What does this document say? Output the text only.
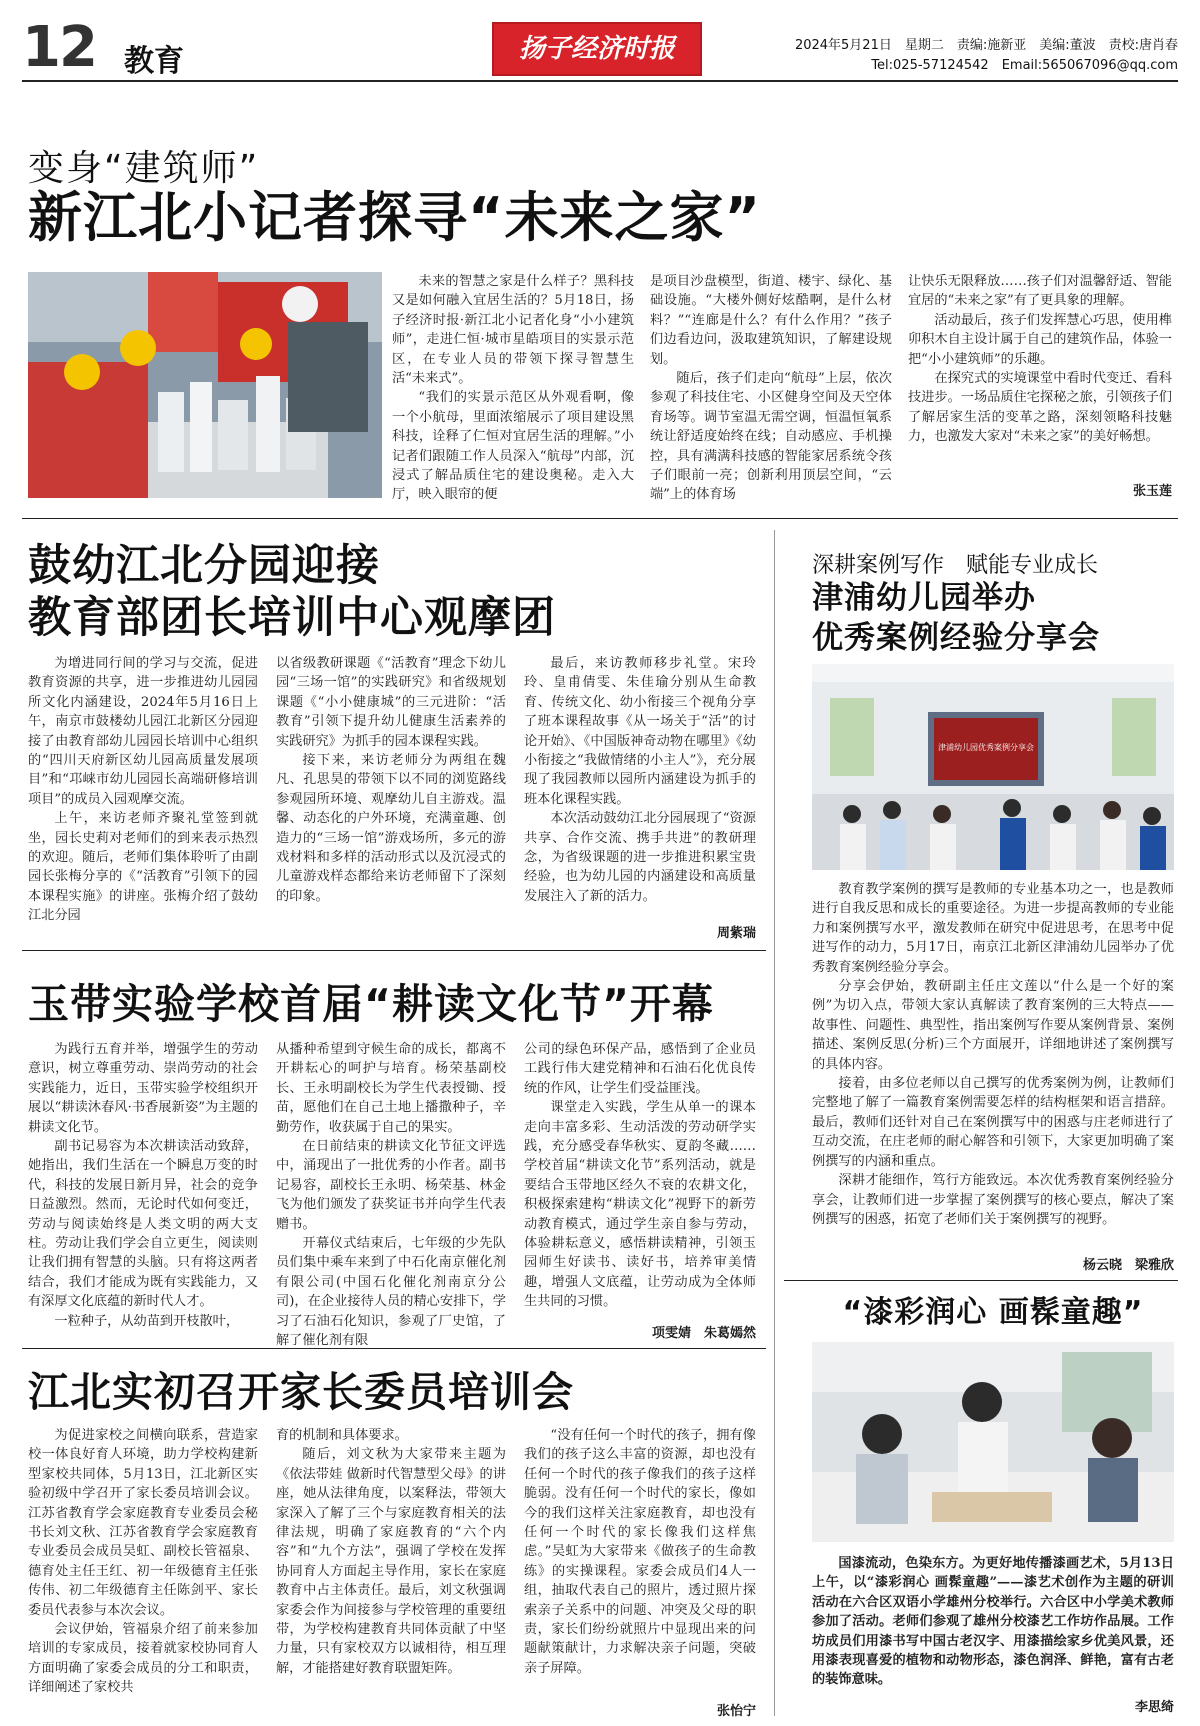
12 教育	扬子经济时报	2024年5月21日　星期二　责编:施新亚　美编:董波　责校:唐肖春
Tel:025-57124542　Email:565067096@qq.com
变身“建筑师”
新江北小记者探寻“未来之家”

未来的智慧之家是什么样子？黑科技又是如何融入宜居生活的？5月18日，扬子经济时报·新江北小记者化身“小小建筑师”，走进仁恒·城市星皓项目的实景示范区，在专业人员的带领下探寻智慧生活“未来式”。

“我们的实景示范区从外观看啊，像一个小航母，里面浓缩展示了项目建设黑科技，诠释了仁恒对宜居生活的理解。”小记者们跟随工作人员深入“航母”内部，沉浸式了解品质住宅的建设奥秘。走入大厅，映入眼帘的便

是项目沙盘模型，街道、楼宇、绿化、基础设施。“大楼外侧好炫酷啊，是什么材料？”“连廊是什么？有什么作用？”孩子们边看边问，汲取建筑知识，了解建设规划。

随后，孩子们走向“航母”上层，依次参观了科技住宅、小区健身空间及天空体育场等。调节室温无需空调，恒温恒氧系统让舒适度始终在线；自动感应、手机操控，具有满满科技感的智能家居系统令孩子们眼前一亮；创新利用顶层空间，“云端”上的体育场

让快乐无限释放……孩子们对温馨舒适、智能宜居的“未来之家”有了更具象的理解。

活动最后，孩子们发挥慧心巧思，使用榫卯积木自主设计属于自己的建筑作品，体验一把“小小建筑师”的乐趣。

在探究式的实境课堂中看时代变迁、看科技进步。一场品质住宅探秘之旅，引领孩子们了解居家生活的变革之路，深刻领略科技魅力，也激发大家对“未来之家”的美好畅想。

张玉莲
鼓幼江北分园迎接
教育部团长培训中心观摩团

为增进同行间的学习与交流，促进教育资源的共享，进一步推进幼儿园园所文化内涵建设，2024年5月16日上午，南京市鼓楼幼儿园江北新区分园迎接了由教育部幼儿园园长培训中心组织的“四川天府新区幼儿园高质量发展项目”和“邛崃市幼儿园园长高端研修培训项目”的成员入园观摩交流。

上午，来访老师齐聚礼堂签到就坐，园长史莉对老师们的到来表示热烈的欢迎。随后，老师们集体聆听了由副园长张梅分享的《“活教育”引领下的园本课程实施》的讲座。张梅介绍了鼓幼江北分园

以省级教研课题《“活教育”理念下幼儿园“三场一馆”的实践研究》和省级规划课题《“小小健康城”的三元进阶：“活教育”引领下提升幼儿健康生活素养的实践研究》为抓手的园本课程实践。

接下来，来访老师分为两组在魏凡、孔思昊的带领下以不同的浏览路线参观园所环境、观摩幼儿自主游戏。温馨、动态化的户外环境，充满童趣、创造力的“三场一馆”游戏场所，多元的游戏材料和多样的活动形式以及沉浸式的儿童游戏样态都给来访老师留下了深刻的印象。

最后，来访教师移步礼堂。宋玲玲、皇甫倩雯、朱佳瑜分别从生命教育、传统文化、幼小衔接三个视角分享了班本课程故事《从一场关于“活”的讨论开始》、《中国版神奇动物在哪里》《幼小衔接之“我做情绪的小主人”》，充分展现了我园教师以园所内涵建设为抓手的班本化课程实践。

本次活动鼓幼江北分园展现了“资源共享、合作交流、携手共进”的教研理念，为省级课题的进一步推进积累宝贵经验，也为幼儿园的内涵建设和高质量发展注入了新的活力。

周紫瑞
玉带实验学校首届“耕读文化节”开幕

为践行五育并举，增强学生的劳动意识，树立尊重劳动、崇尚劳动的社会实践能力，近日，玉带实验学校组织开展以“耕读沐春风·书香展新姿”为主题的耕读文化节。

副书记易容为本次耕读活动致辞，她指出，我们生活在一个瞬息万变的时代，科技的发展日新月异，社会的竞争日益激烈。然而，无论时代如何变迁，劳动与阅读始终是人类文明的两大支柱。劳动让我们学会自立更生，阅读则让我们拥有智慧的头脑。只有将这两者结合，我们才能成为既有实践能力，又有深厚文化底蕴的新时代人才。

一粒种子，从幼苗到开枝散叶，

从播种希望到守候生命的成长，都离不开耕耘心的呵护与培育。杨荣基副校长、王永明副校长为学生代表授锄、授苗，愿他们在自己土地上播撒种子，辛勤劳作，收获属于自己的果实。

在日前结束的耕读文化节征文评选中，涌现出了一批优秀的小作者。副书记易容，副校长王永明、杨荣基、林金飞为他们颁发了获奖证书并向学生代表赠书。

开幕仪式结束后，七年级的少先队员们集中乘车来到了中石化南京催化剂有限公司(中国石化催化剂南京分公司)，在企业接待人员的精心安排下，学习了石油石化知识，参观了厂史馆，了解了催化剂有限

公司的绿色环保产品，感悟到了企业员工践行伟大建党精神和石油石化优良传统的作风，让学生们受益匪浅。

课堂走入实践，学生从单一的课本走向丰富多彩、生动活泼的劳动研学实践，充分感受春华秋实、夏韵冬藏……学校首届“耕读文化节”系列活动，就是要结合玉带地区经久不衰的农耕文化，积极探索建构“耕读文化”视野下的新劳动教育模式，通过学生亲自参与劳动，体验耕耘意义，感悟耕读精神，引领玉园师生好读书、读好书，培养审美情趣，增强人文底蕴，让劳动成为全体师生共同的习惯。

项雯婧　朱葛嫣然
江北实初召开家长委员培训会

为促进家校之间横向联系，营造家校一体良好育人环境，助力学校构建新型家校共同体，5月13日，江北新区实验初级中学召开了家长委员培训会议。江苏省教育学会家庭教育专业委员会秘书长刘文秋、江苏省教育学会家庭教育专业委员会成员吴虹、副校长管福泉、德育处主任王红、初一年级德育主任张传伟、初二年级德育主任陈剑平、家长委员代表参与本次会议。

会议伊始，管福泉介绍了前来参加培训的专家成员，接着就家校协同育人方面明确了家委会成员的分工和职责，详细阐述了家校共

育的机制和具体要求。

随后，刘文秋为大家带来主题为《依法带娃 做新时代智慧型父母》的讲座，她从法律角度，以案释法，带领大家深入了解了三个与家庭教育相关的法律法规，明确了家庭教育的“六个内容”和“九个方法”，强调了学校在发挥协同育人方面起主导作用，家长在家庭教育中占主体责任。最后，刘文秋强调家委会作为间接参与学校管理的重要纽带，为学校构建教育共同体贡献了中坚力量，只有家校双方以诚相待，相互理解，才能搭建好教育联盟矩阵。

“没有任何一个时代的孩子，拥有像我们的孩子这么丰富的资源，却也没有任何一个时代的孩子像我们的孩子这样脆弱。没有任何一个时代的家长，像如今的我们这样关注家庭教育，却也没有任何一个时代的家长像我们这样焦虑。”吴虹为大家带来《做孩子的生命教练》的实操课程。家委会成员们4人一组，抽取代表自己的照片，透过照片探索亲子关系中的问题、冲突及父母的职责，家长们纷纷就照片中显现出来的问题献策献计，力求解决亲子问题，突破亲子屏障。

张怡宁
深耕案例写作　赋能专业成长
津浦幼儿园举办
优秀案例经验分享会
津浦幼儿园优秀案例分享会

教育教学案例的撰写是教师的专业基本功之一，也是教师进行自我反思和成长的重要途径。为进一步提高教师的专业能力和案例撰写水平，激发教师在研究中促进思考，在思考中促进写作的动力，5月17日，南京江北新区津浦幼儿园举办了优秀教育案例经验分享会。

分享会伊始，教研副主任庄文莲以“什么是一个好的案例”为切入点，带领大家认真解读了教育案例的三大特点——故事性、问题性、典型性，指出案例写作要从案例背景、案例描述、案例反思(分析)三个方面展开，详细地讲述了案例撰写的具体内容。

接着，由多位老师以自己撰写的优秀案例为例，让教师们完整地了解了一篇教育案例需要怎样的结构框架和语言措辞。最后，教师们还针对自己在案例撰写中的困惑与庄老师进行了互动交流，在庄老师的耐心解答和引领下，大家更加明确了案例撰写的内涵和重点。

深耕才能细作，笃行方能致远。本次优秀教育案例经验分享会，让教师们进一步掌握了案例撰写的核心要点，解决了案例撰写的困惑，拓宽了老师们关于案例撰写的视野。

杨云晓　梁雅欣
“漆彩润心 画髹童趣”

国漆流动，色染东方。为更好地传播漆画艺术，5月13日上午，以“漆彩润心 画髹童趣”——漆艺术创作为主题的研训活动在六合区双语小学雄州分校举行。六合区中小学美术教师参加了活动。老师们参观了雄州分校漆艺工作坊作品展。工作坊成员们用漆书写中国古老汉字、用漆描绘家乡优美风景，还用漆表现喜爱的植物和动物形态，漆色润泽、鲜艳，富有古老的装饰意味。

李思绮
